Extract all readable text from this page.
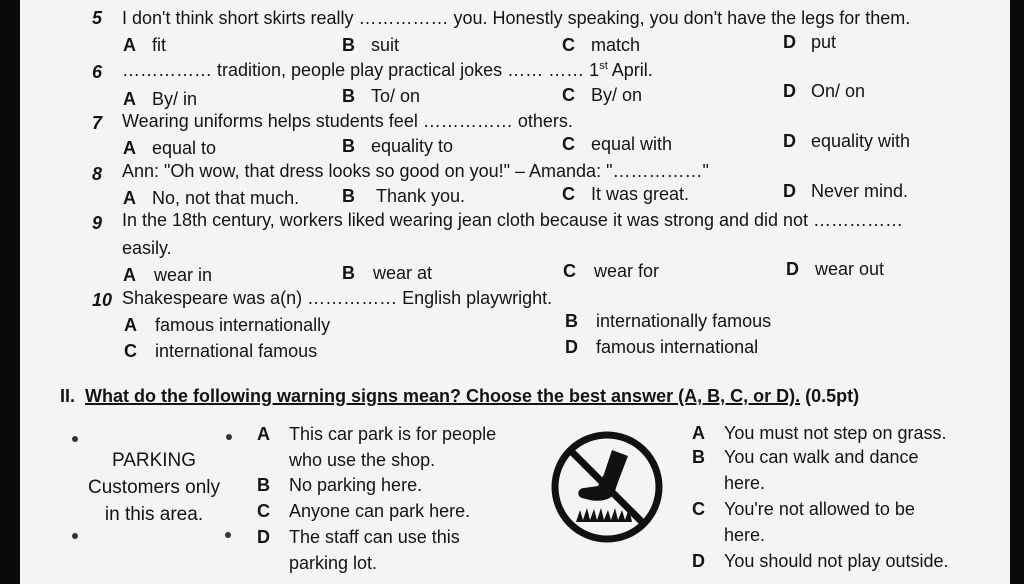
5 I don't think short skirts really …………… you. Honestly speaking, you don't have the legs for them.
A fit	B suit	C match	D put
6 …………… tradition, people play practical jokes …… …… 1st April.
A By/ in	B To/ on	C By/ on	D On/ on
7 Wearing uniforms helps students feel …………… others.
A equal to	B equality to	C equal with	D equality with
8 Ann: "Oh wow, that dress looks so good on you!" – Amanda: "……………"
A No, not that much. B Thank you.	C It was great.	D Never mind.
9 In the 18th century, workers liked wearing jean cloth because it was strong and did not ……………
easily.
A wear in	B wear at	C wear for	D wear out
10 Shakespeare was a(n) …………… English playwright.
A famous internationally	B internationally famous
C international famous	D famous international
II. What do the following warning signs mean? Choose the best answer (A, B, C, or D). (0.5pt)
PARKING
Customers only
in this area.
A This car park is for people
who use the shop.
B No parking here.
C Anyone can park here.
D The staff can use this
parking lot.
A You must not step on grass.
B You can walk and dance
here.
C You're not allowed to be
here.
D You should not play outside.
